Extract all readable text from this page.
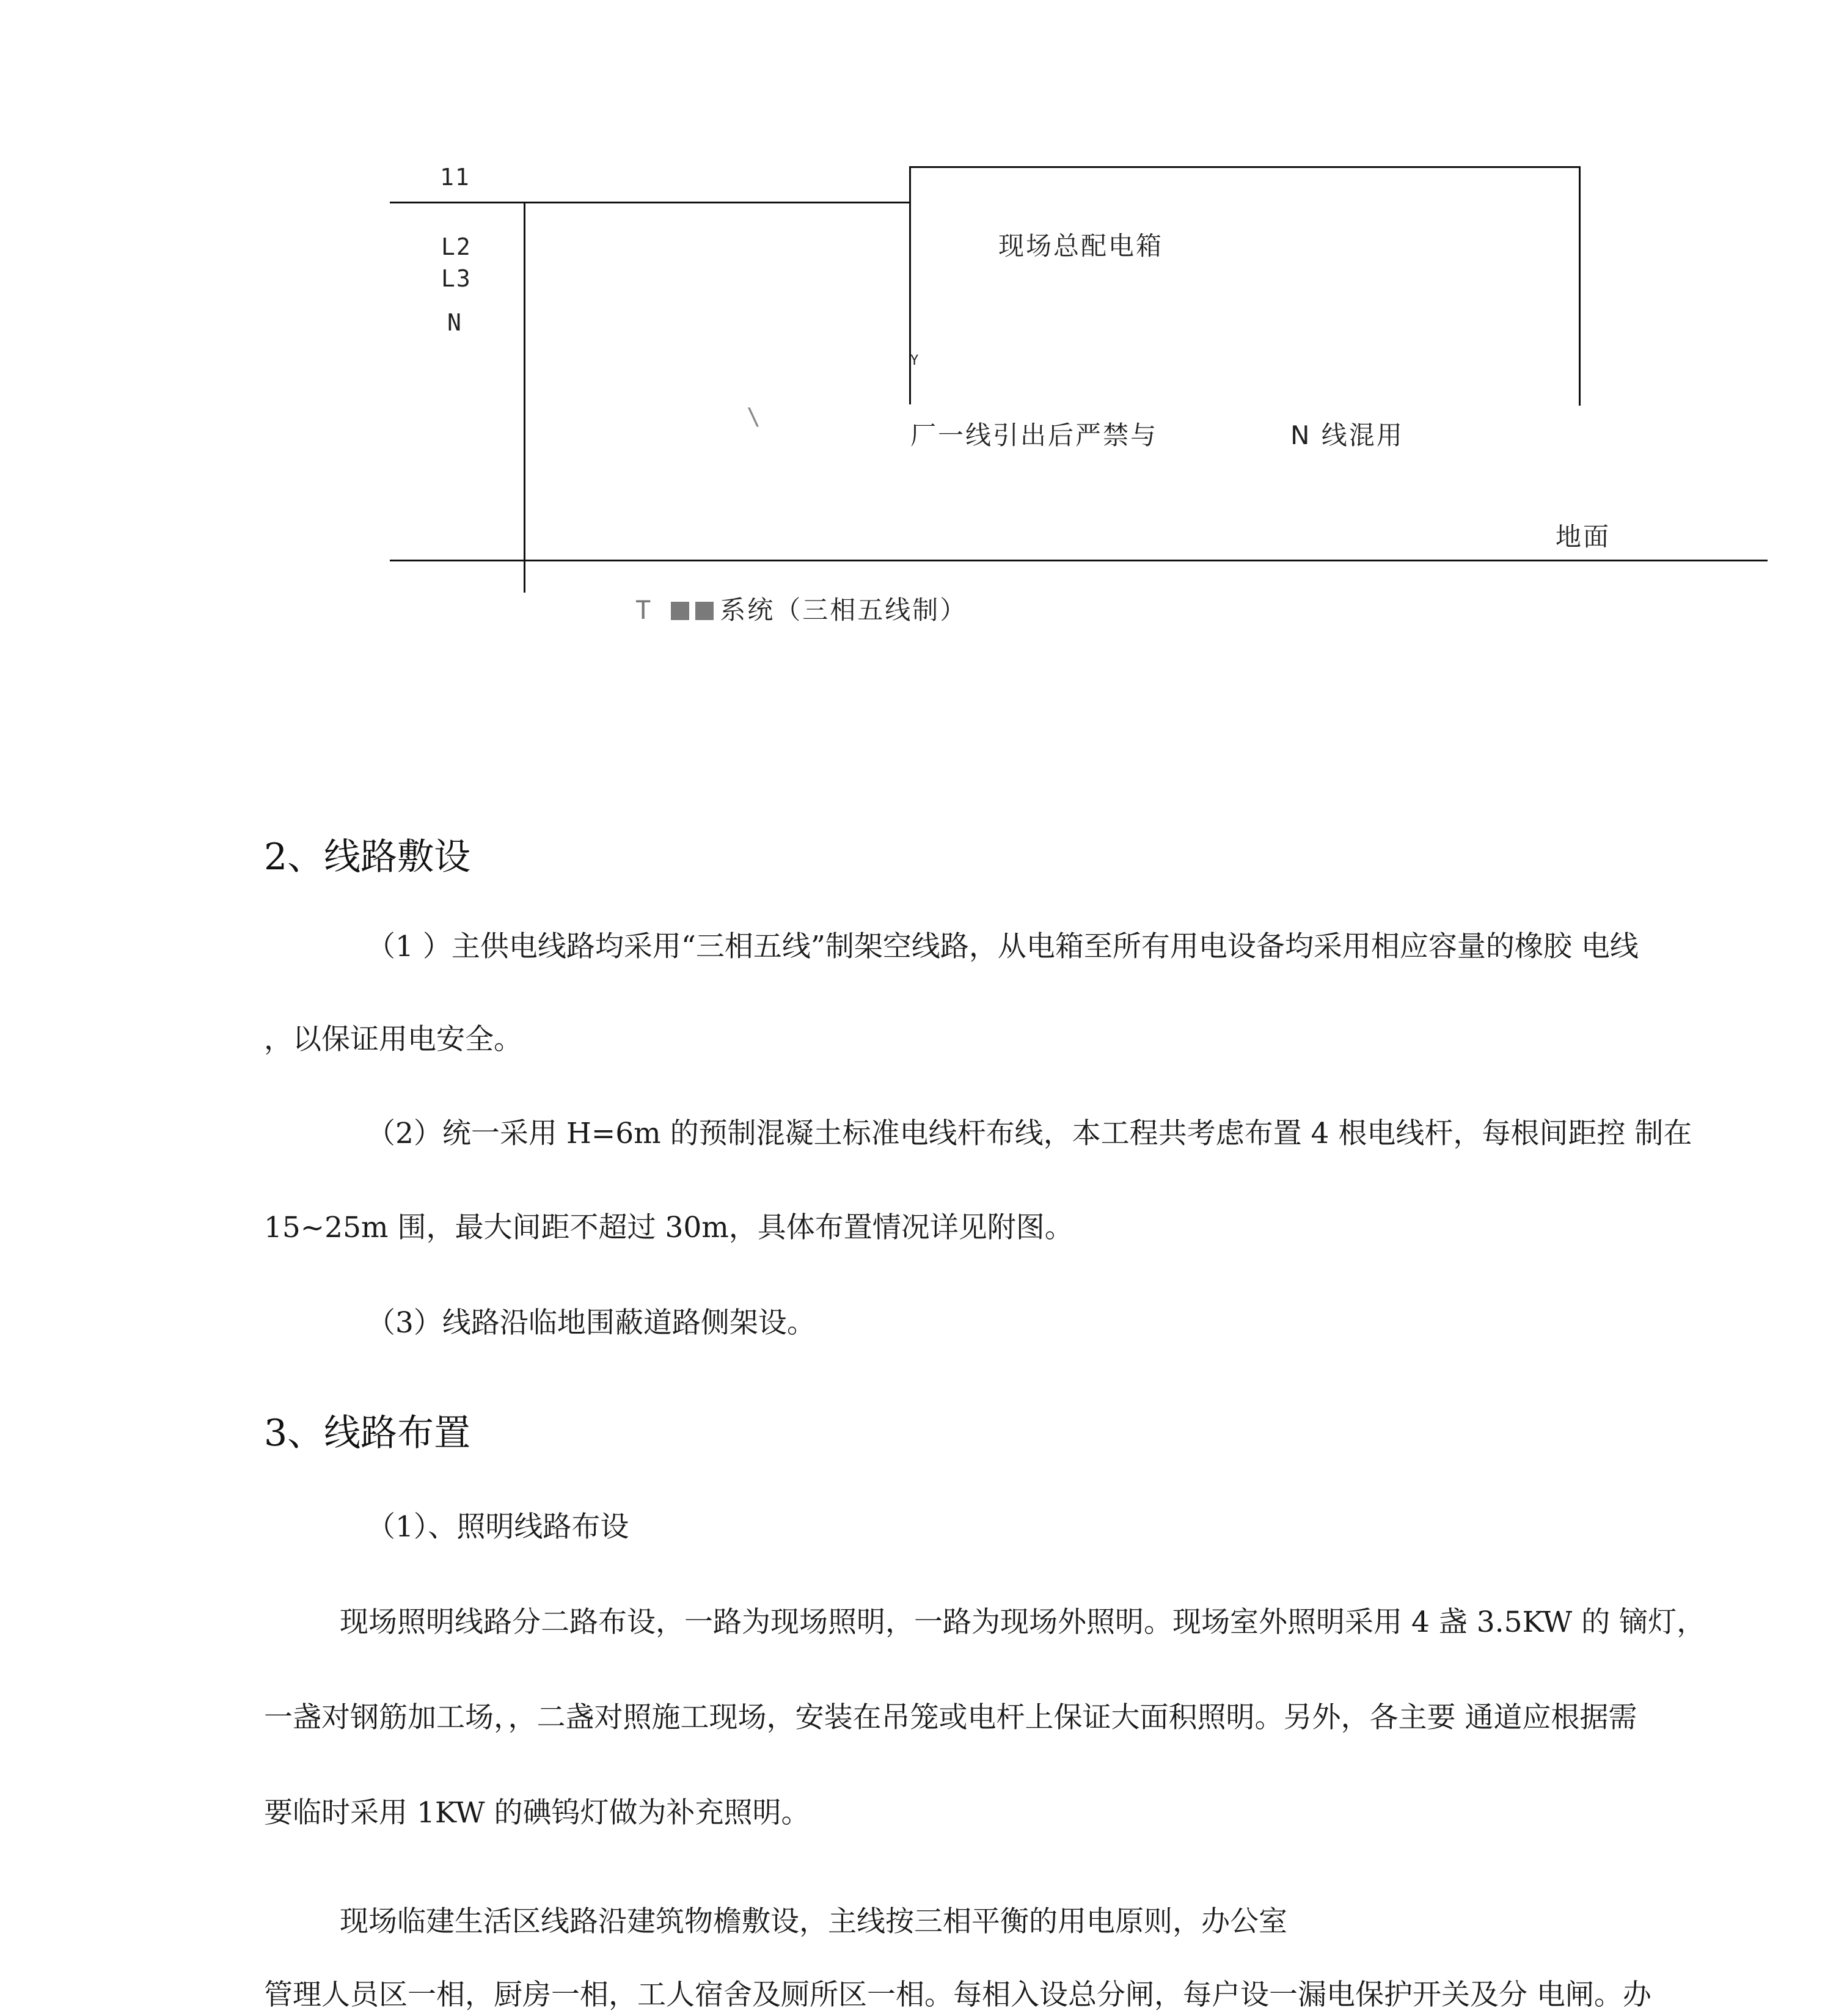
11
L2
L3
N
现场总配电箱
Y
\
厂一线引出后严禁与	N 线混用
地面
T	系统（三相五线制）
2、线路敷设
（1 ）主供电线路均采用“三相五线”制架空线路，从电箱至所有用电设备均采用相应容量的橡胶 电线
，以保证用电安全。
（2）统一采用 H=6m 的预制混凝土标准电线杆布线，本工程共考虑布置 4 根电线杆，每根间距控 制在
15~25m 围，最大间距不超过 30m，具体布置情况详见附图。
（3）线路沿临地围蔽道路侧架设。
3、线路布置
（1）、照明线路布设
现场照明线路分二路布设，一路为现场照明，一路为现场外照明。现场室外照明采用 4 盏 3.5KW 的 镝灯，
一盏对钢筋加工场，，二盏对照施工现场，安装在吊笼或电杆上保证大面积照明。另外，各主要 通道应根据需
要临时采用 1KW 的碘钨灯做为补充照明。
现场临建生活区线路沿建筑物檐敷设，主线按三相平衡的用电原则，办公室
管理人员区一相，厨房一相，工人宿舍及厕所区一相。每相入设总分闸，每户设一漏电保护开关及分 电闸。办
